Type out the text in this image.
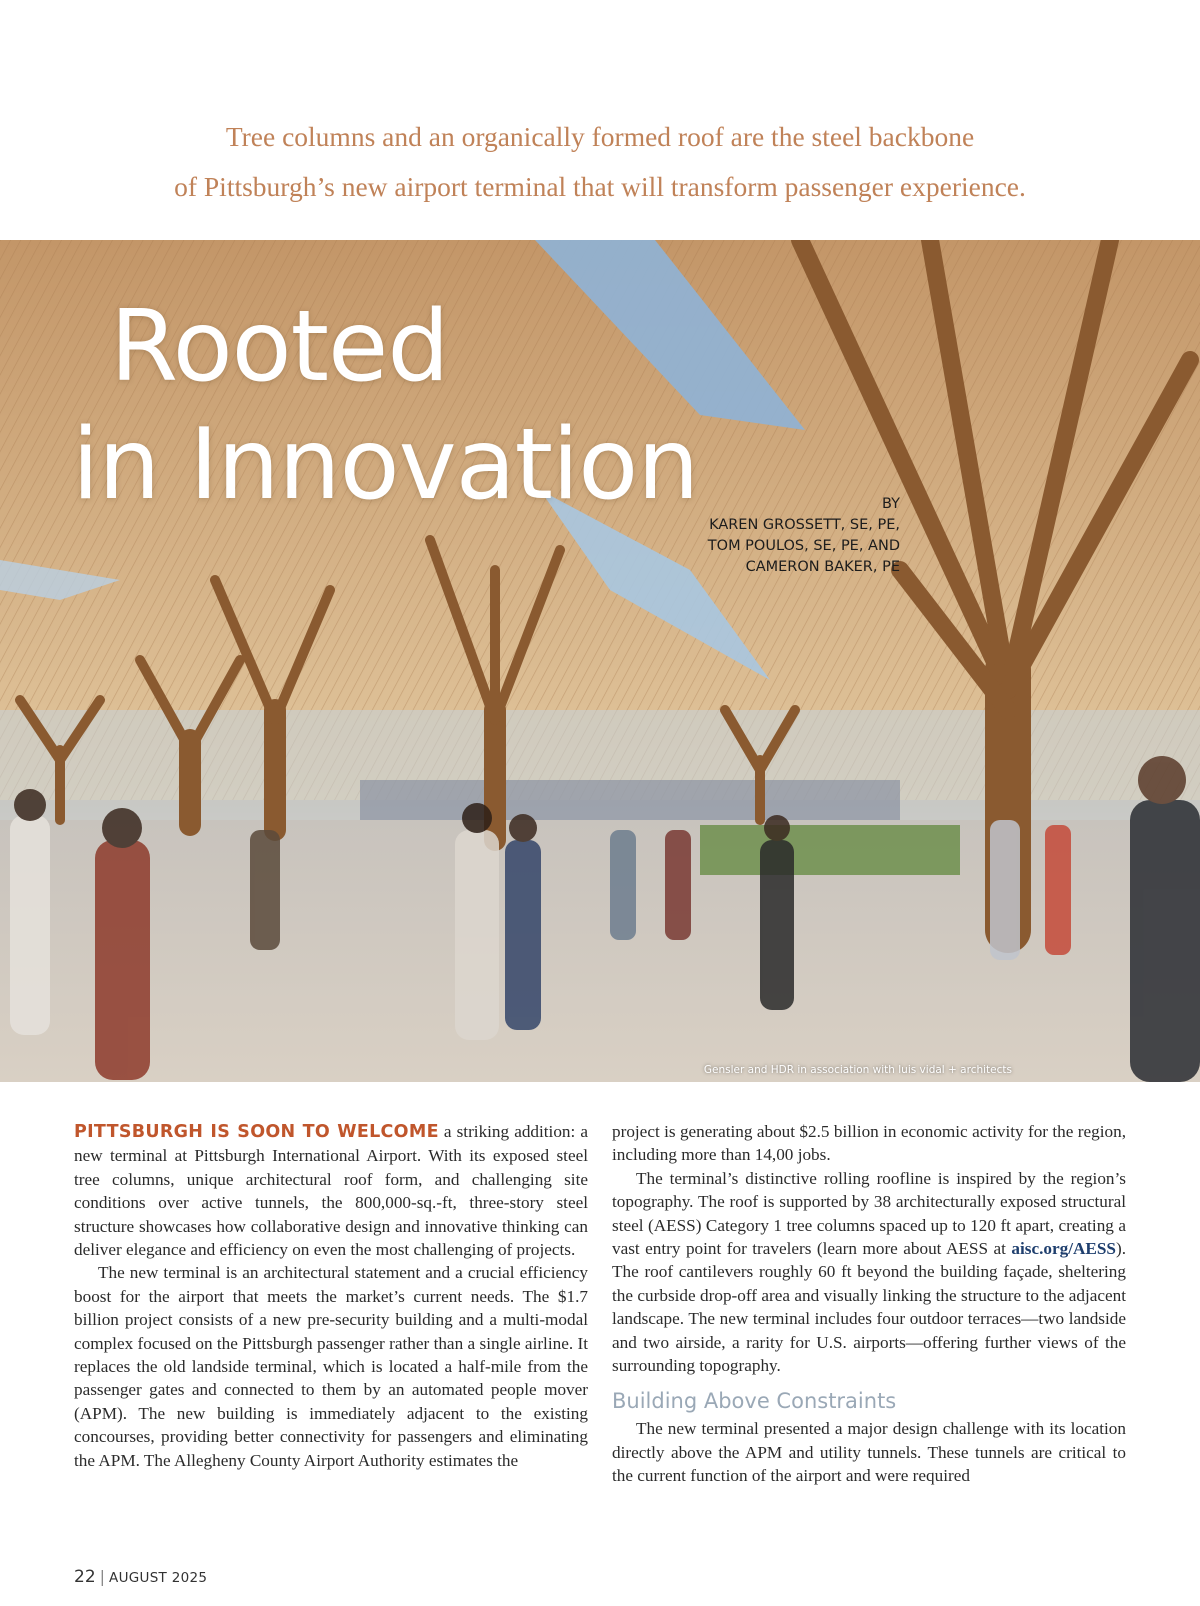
Tree columns and an organically formed roof are the steel backbone
of Pittsburgh’s new airport terminal that will transform passenger experience.
Rooted
in Innovation	BY
KAREN GROSSETT, SE, PE,
TOM POULOS, SE, PE, AND
CAMERON BAKER, PE
Gensler and HDR in association with luis vidal + architects

PITTSBURGH IS SOON TO WELCOME a striking addition: a new terminal at Pittsburgh International Airport. With its exposed steel tree columns, unique architectural roof form, and challenging site conditions over active tunnels, the 800,000-sq.-ft, three-story steel structure showcases how collaborative design and innovative thinking can deliver elegance and efficiency on even the most challenging of projects.

The new terminal is an architectural statement and a crucial efficiency boost for the airport that meets the market’s current needs. The $1.7 billion project consists of a new pre-security building and a multi-modal complex focused on the Pittsburgh passenger rather than a single airline. It replaces the old landside terminal, which is located a half-mile from the passenger gates and connected to them by an automated people mover (APM). The new building is immediately adjacent to the existing concourses, providing better connectivity for passengers and eliminating the APM. The Allegheny County Airport Authority estimates the

project is generating about $2.5 billion in economic activity for the region, including more than 14,00 jobs.

The terminal’s distinctive rolling roofline is inspired by the region’s topography. The roof is supported by 38 architecturally exposed structural steel (AESS) Category 1 tree columns spaced up to 120 ft apart, creating a vast entry point for travelers (learn more about AESS at aisc.org/AESS). The roof cantilevers roughly 60 ft beyond the building façade, sheltering the curbside drop-off area and visually linking the structure to the adjacent landscape. The new terminal includes four outdoor terraces—two landside and two airside, a rarity for U.S. airports—offering further views of the surrounding topography.

Building Above Constraints

The new terminal presented a major design challenge with its location directly above the APM and utility tunnels. These tunnels are critical to the current function of the airport and were required

22 | AUGUST 2025
